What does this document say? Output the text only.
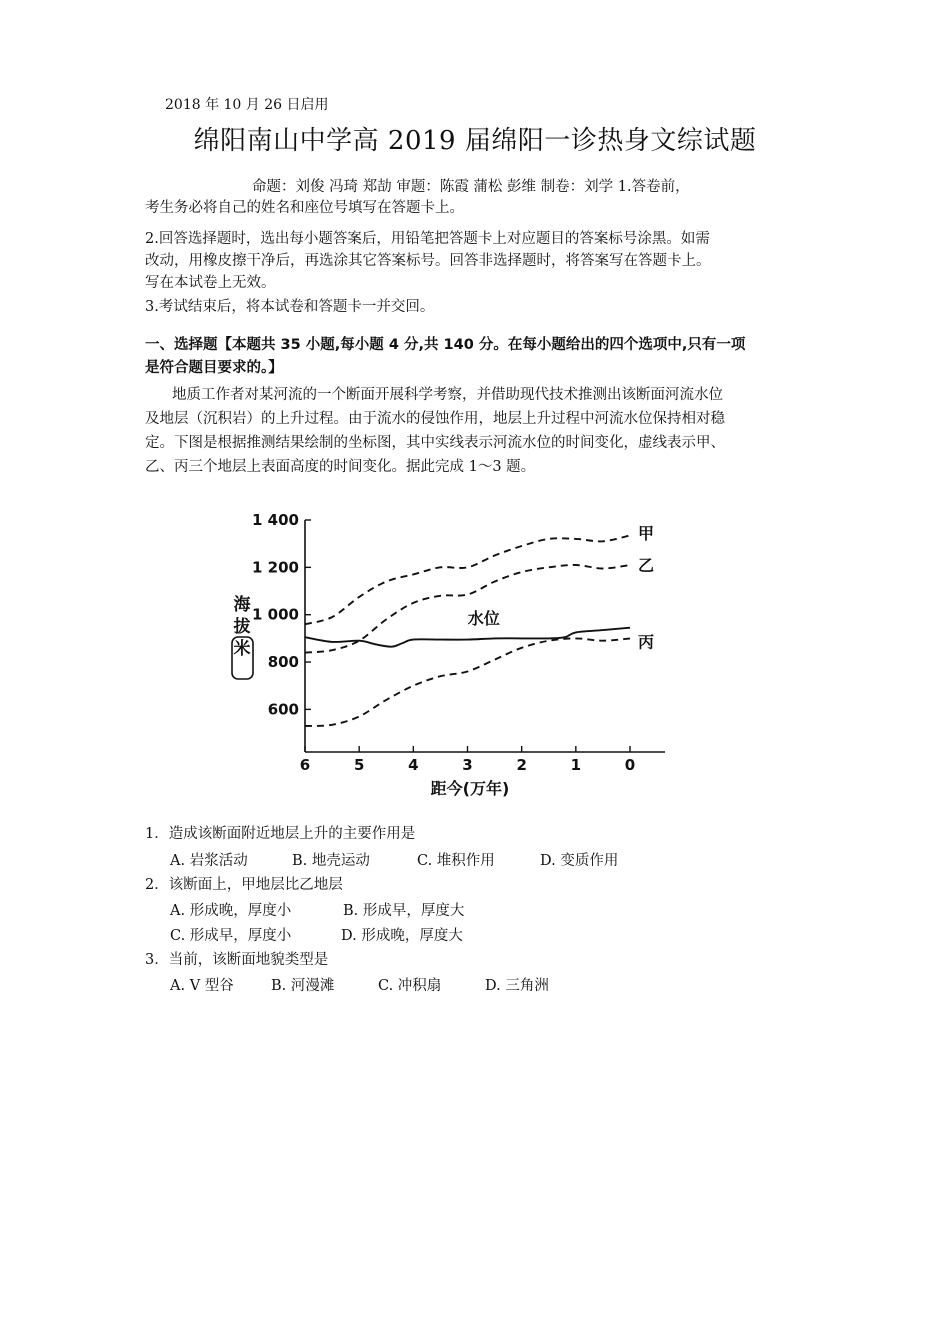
2018 年 10 月 26 日启用
绵阳南山中学高 2019 届绵阳一诊热身文综试题
命题：刘俊 冯琦 郑劼 审题：陈霞 蒲松 彭维 制卷：刘学 1.答卷前，
考生务必将自己的姓名和座位号填写在答题卡上。
2.回答选择题时，选出每小题答案后，用铅笔把答题卡上对应题目的答案标号涂黑。如需
改动，用橡皮擦干净后，再选涂其它答案标号。回答非选择题时，将答案写在答题卡上。
写在本试卷上无效。
3.考试结束后，将本试卷和答题卡一并交回。
一、选择题【本题共 35 小题,每小题 4 分,共 140 分。在每小题给出的四个选项中,只有一项
是符合题目要求的。】
地质工作者对某河流的一个断面开展科学考察，并借助现代技术推测出该断面河流水位
及地层（沉积岩）的上升过程。由于流水的侵蚀作用，地层上升过程中河流水位保持相对稳
定。下图是根据推测结果绘制的坐标图，其中实线表示河流水位的时间变化，虚线表示甲、
乙、丙三个地层上表面高度的时间变化。据此完成 1～3 题。
600
800
1 000
1 200
1 400
6	5	4	3	2	1	0
距今(万年)
海
拔
米
甲
乙
丙
水位
1．造成该断面附近地层上升的主要作用是
A. 岩浆活动	B. 地壳运动	C. 堆积作用	D. 变质作用
2．该断面上，甲地层比乙地层
A. 形成晚，厚度小	B. 形成早，厚度大
C. 形成早，厚度小	D. 形成晚，厚度大
3．当前，该断面地貌类型是
A. V 型谷	B. 河漫滩	C. 冲积扇	D. 三角洲
